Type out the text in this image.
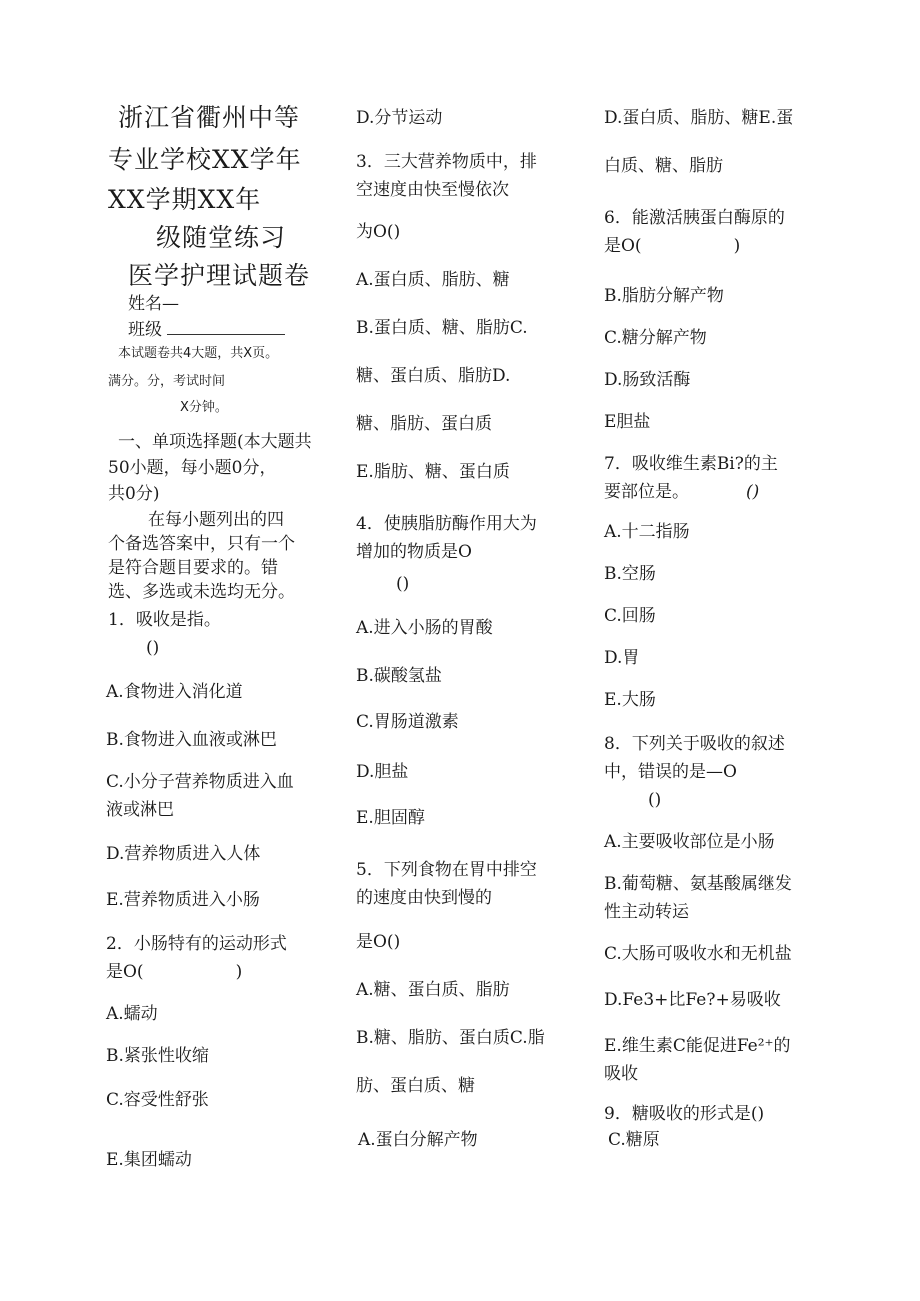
浙江省衢州中等
专业学校XX学年
XX学期XX年
级随堂练习
医学护理试题卷
姓名—
班级
本试题卷共4大题，共X页。
满分。分，考试时间
X分钟。
一、单项选择题(本大题共
50小题，每小题0分，
共0分)
在每小题列出的四
个备选答案中，只有一个
是符合题目要求的。错
选、多选或未选均无分。
1．吸收是指。
()
A.食物进入消化道
B.食物进入血液或淋巴
C.小分子营养物质进入血
液或淋巴
D.营养物质进入人体
E.营养物质进入小肠
2．小肠特有的运动形式
是O(	)
A.蠕动
B.紧张性收缩
C.容受性舒张
E.集团蠕动
D.分节运动
3．三大营养物质中，排
空速度由快至慢依次
为O()
A.蛋白质、脂肪、糖
B.蛋白质、糖、脂肪C.
糖、蛋白质、脂肪D.
糖、脂肪、蛋白质
E.脂肪、糖、蛋白质
4．使胰脂肪酶作用大为
增加的物质是O
()
A.进入小肠的胃酸
B.碳酸氢盐
C.胃肠道激素
D.胆盐
E.胆固醇
5．下列食物在胃中排空
的速度由快到慢的
是O()
A.糖、蛋白质、脂肪
B.糖、脂肪、蛋白质C.脂
肪、蛋白质、糖
A.蛋白分解产物
D.蛋白质、脂肪、糖E.蛋
白质、糖、脂肪
6．能激活胰蛋白酶原的
是O(	)
B.脂肪分解产物
C.糖分解产物
D.肠致活酶
E胆盐
7．吸收维生素Bi?的主
要部位是。	()
A.十二指肠
B.空肠
C.回肠
D.胃
E.大肠
8．下列关于吸收的叙述
中，错误的是—O
()
A.主要吸收部位是小肠
B.葡萄糖、氨基酸属继发
性主动转运
C.大肠可吸收水和无机盐
D.Fe3+比Fe?+易吸收
E.维生素C能促进Fe²⁺的
吸收
9．糖吸收的形式是()
C.糖原
